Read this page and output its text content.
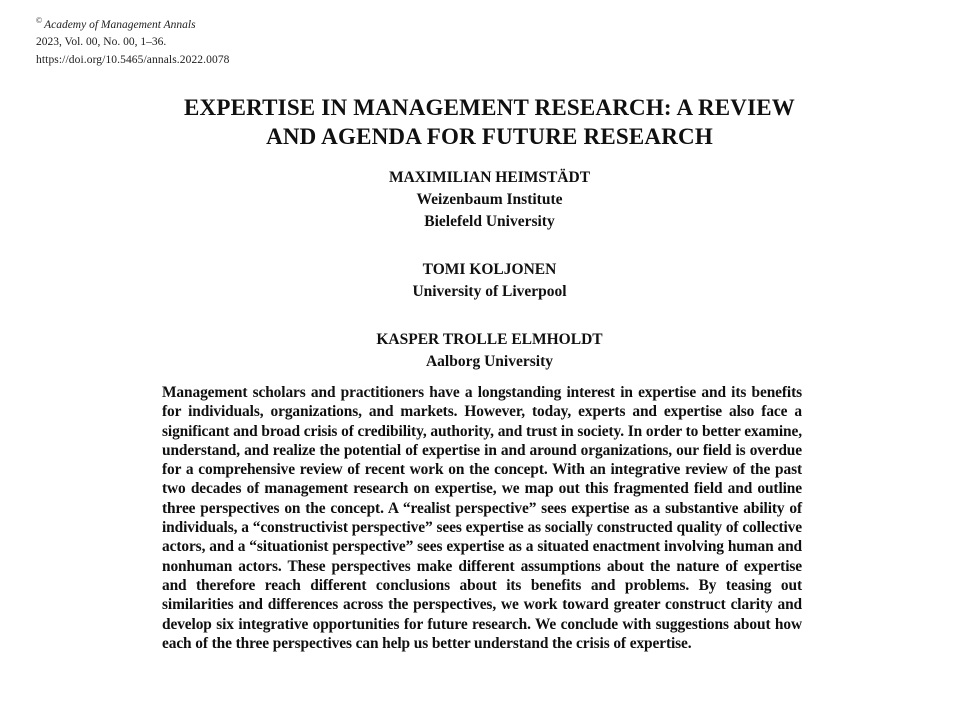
© Academy of Management Annals
2023, Vol. 00, No. 00, 1–36.
https://doi.org/10.5465/annals.2022.0078
EXPERTISE IN MANAGEMENT RESEARCH: A REVIEW
AND AGENDA FOR FUTURE RESEARCH
MAXIMILIAN HEIMSTÄDT
Weizenbaum Institute
Bielefeld University
TOMI KOLJONEN
University of Liverpool
KASPER TROLLE ELMHOLDT
Aalborg University

Management scholars and practitioners have a longstanding interest in expertise and its benefits for individuals, organizations, and markets. However, today, experts and expertise also face a significant and broad crisis of credibility, authority, and trust in society. In order to better examine, understand, and realize the potential of expertise in and around organizations, our field is overdue for a comprehensive review of recent work on the concept. With an integrative review of the past two decades of management research on expertise, we map out this fragmented field and outline three perspectives on the concept. A “realist perspective” sees expertise as a substantive ability of individuals, a “constructivist perspective” sees expertise as socially constructed quality of collective actors, and a “situationist perspective” sees expertise as a situated enactment involving human and nonhuman actors. These perspectives make different assumptions about the nature of expertise and therefore reach different conclusions about its benefits and problems. By teasing out similarities and differences across the perspectives, we work toward greater construct clarity and develop six integrative opportunities for future research. We conclude with suggestions about how each of the three perspectives can help us better understand the crisis of expertise.
